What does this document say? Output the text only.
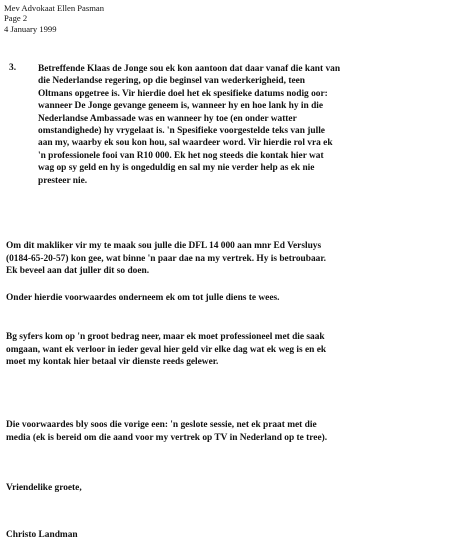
Mev Advokaat Ellen Pasman
Page 2
4 January 1999
3. Betreffende Klaas de Jonge sou ek kon aantoon dat daar vanaf die kant van
die Nederlandse regering, op die beginsel van wederkerigheid, teen
Oltmans opgetree is. Vir hierdie doel het ek spesifieke datums nodig oor:
wanneer De Jonge gevange geneem is, wanneer hy en hoe lank hy in die
Nederlandse Ambassade was en wanneer hy toe (en onder watter
omstandighede) hy vrygelaat is. 'n Spesifieke voorgestelde teks van julle
aan my, waarby ek sou kon hou, sal waardeer word. Vir hierdie rol vra ek
'n professionele fooi van R10 000. Ek het nog steeds die kontak hier wat
wag op sy geld en hy is ongeduldig en sal my nie verder help as ek nie
presteer nie.
Om dit makliker vir my te maak sou julle die DFL 14 000 aan mnr Ed Versluys
(0184-65-20-57) kon gee, wat binne 'n paar dae na my vertrek. Hy is betroubaar.
Ek beveel aan dat juller dit so doen.
Onder hierdie voorwaardes onderneem ek om tot julle diens te wees.
Bg syfers kom op 'n groot bedrag neer, maar ek moet professioneel met die saak
omgaan, want ek verloor in ieder geval hier geld vir elke dag wat ek weg is en ek
moet my kontak hier betaal vir dienste reeds gelewer.
Die voorwaardes bly soos die vorige een: 'n geslote sessie, net ek praat met die
media (ek is bereid om die aand voor my vertrek op TV in Nederland op te tree).
Vriendelike groete,
Christo Landman
